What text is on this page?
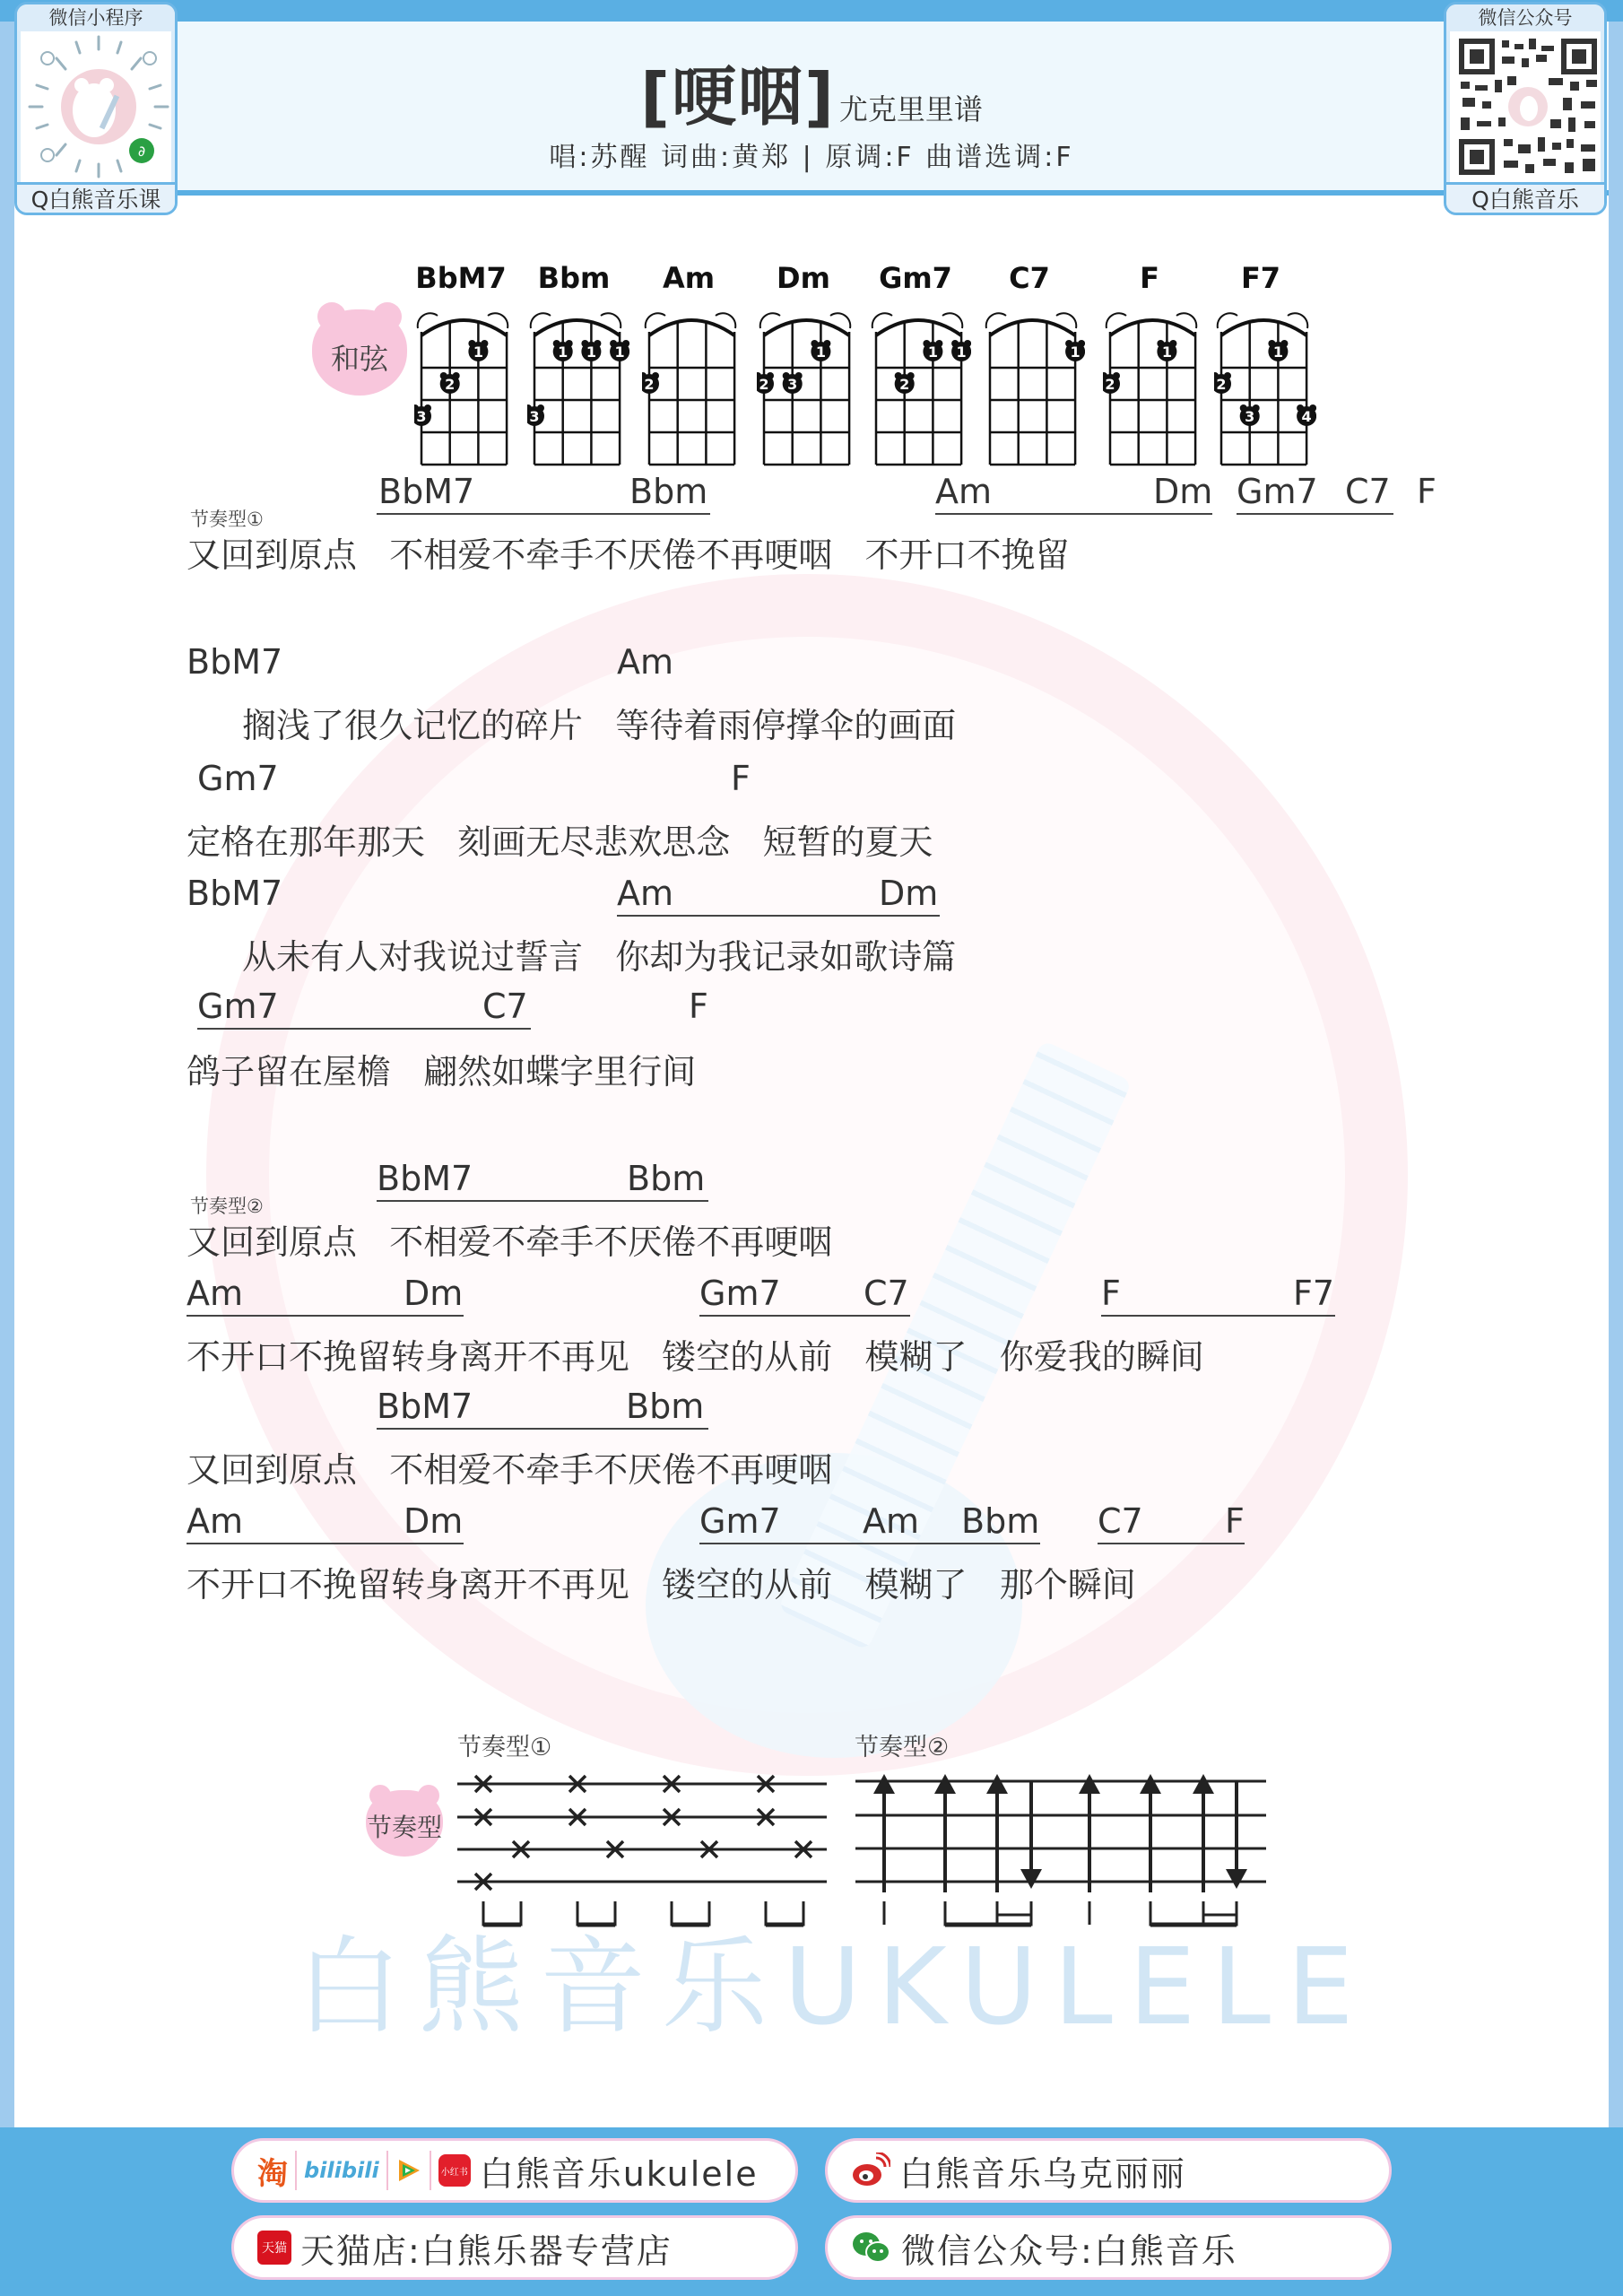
白熊音乐UKULELE
微信小程序
∂
Q白熊音乐课
微信公众号
Q白熊音乐
[哽咽] 尤克里里谱
唱:苏醒 词曲:黄郑 | 原调:F 曲谱选调:F
和弦
BbM7
1
2
3
Bbm
1 1 1
3
Am
2
Dm
1
2 3
Gm7
1 1
2
C7
1
F
1
2
F7
1
2
3	4
节奏型①
节奏型②
BbM7	Bbm	Am	Dm Gm7 C7 F
又回到原点   不相爱不牵手不厌倦不再哽咽   不开口不挽留
BbM7	Am
搁浅了很久记忆的碎片   等待着雨停撑伞的画面
Gm7	F
定格在那年那天   刻画无尽悲欢思念   短暂的夏天
BbM7	Am	Dm
从未有人对我说过誓言   你却为我记录如歌诗篇
Gm7	C7	F
鸽子留在屋檐   翩然如蝶字里行间
BbM7	Bbm
又回到原点   不相爱不牵手不厌倦不再哽咽
Am	Dm	Gm7 C7	F	F7
不开口不挽留转身离开不再见   镂空的从前   模糊了   你爱我的瞬间
BbM7	Bbm
又回到原点   不相爱不牵手不厌倦不再哽咽
Am	Dm	Gm7 Am Bbm C7 F
不开口不挽留转身离开不再见   镂空的从前   模糊了   那个瞬间
节奏型
节奏型①	节奏型②
淘 bilibili	小红书 白熊音乐ukulele	白熊音乐乌克丽丽
天猫 天猫店:白熊乐器专营店	微信公众号:白熊音乐
